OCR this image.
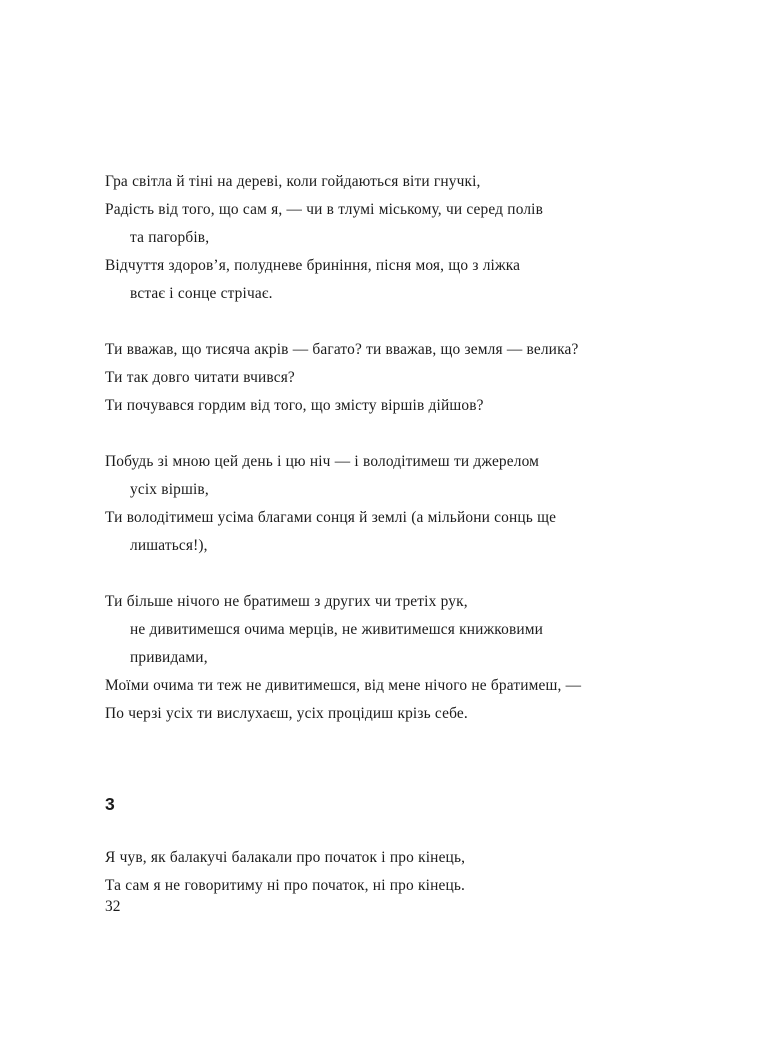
Гра світла й тіні на дереві, коли гойдаються віти гнучкі,
Радість від того, що сам я, — чи в тлумі міському, чи серед полів
та пагорбів,
Відчуття здоров’я, полудневе бриніння, пісня моя, що з ліжка
встає і сонце стрічає.
Ти вважав, що тисяча акрів — багато? ти вважав, що земля — велика?
Ти так довго читати вчився?
Ти почувався гордим від того, що змісту віршів дійшов?
Побудь зі мною цей день і цю ніч — і володітимеш ти джерелом
усіх віршів,
Ти володітимеш усіма благами сонця й землі (а мільйони сонць ще
лишаться!),
Ти більше нічого не братимеш з других чи третіх рук,
не дивитимешся очима мерців, не живитимешся книжковими
привидами,
Моїми очима ти теж не дивитимешся, від мене нічого не братимеш, —
По черзі усіх ти вислухаєш, усіх процідиш крізь себе.
3
Я чув, як балакучі балакали про початок і про кінець,
Та сам я не говоритиму ні про початок, ні про кінець.
32
